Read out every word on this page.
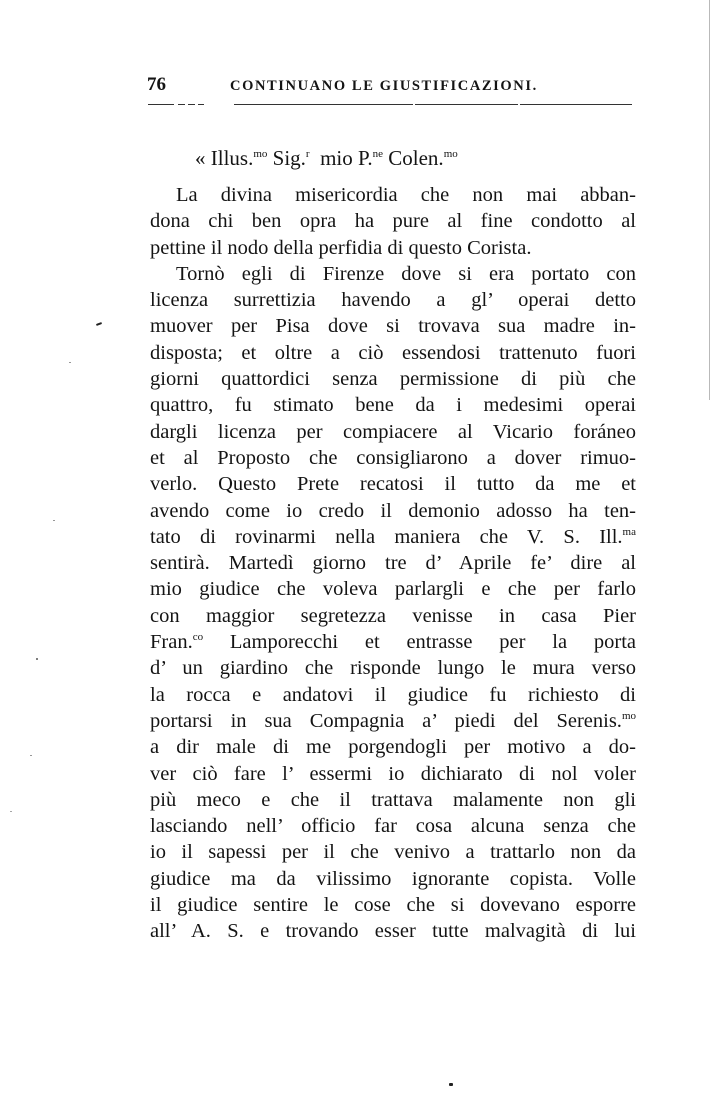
76	CONTINUANO LE GIUSTIFICAZIONI.
« Illus.$^{mo}$ Sig.$^r$ mio P.$^{ne}$ Colen.$^{mo}$
La divina misericordia che non mai abban-
dona chi ben opra ha pure al fine condotto al
pettine il nodo della perfidia di questo Corista.
Tornò egli di Firenze dove si era portato con
licenza surrettizia havendo a gl’ operai detto
muover per Pisa dove si trovava sua madre in-
disposta; et oltre a ciò essendosi trattenuto fuori
giorni quattordici senza permissione di più che
quattro, fu stimato bene da i medesimi operai
dargli licenza per compiacere al Vicario foráneo
et al Proposto che consigliarono a dover rimuo-
verlo. Questo Prete recatosi il tutto da me et
avendo come io credo il demonio adosso ha ten-
tato di rovinarmi nella maniera che V. S. Ill.$^{ma}$
sentirà. Martedì giorno tre d’ Aprile fe’ dire al
mio giudice che voleva parlargli e che per farlo
con maggior segretezza venisse in casa Pier
Fran.$^{co}$ Lamporecchi et entrasse per la porta
d’ un giardino che risponde lungo le mura verso
la rocca e andatovi il giudice fu richiesto di
portarsi in sua Compagnia a’ piedi del Serenis.$^{mo}$
a dir male di me porgendogli per motivo a do-
ver ciò fare l’ essermi io dichiarato di nol voler
più meco e che il trattava malamente non gli
lasciando nell’ officio far cosa alcuna senza che
io il sapessi per il che venivo a trattarlo non da
giudice ma da vilissimo ignorante copista. Volle
il giudice sentire le cose che si dovevano esporre
all’ A. S. e trovando esser tutte malvagità di lui
